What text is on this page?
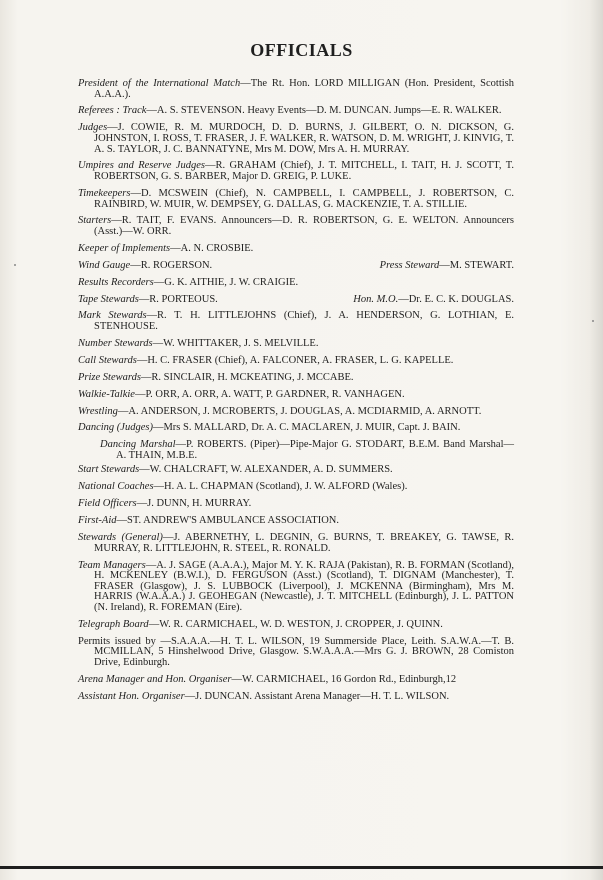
OFFICIALS
President of the International Match—The Rt. Hon. LORD MILLIGAN (Hon. President, Scottish A.A.A.).
Referees : Track—A. S. STEVENSON. Heavy Events—D. M. DUNCAN. Jumps—E. R. WALKER.
Judges—J. COWIE, R. M. MURDOCH, D. D. BURNS, J. GILBERT, O. N. DICKSON, G. JOHNSTON, I. ROSS, T. FRASER, J. F. WALKER, R. WATSON, D. M. WRIGHT, J. KINVIG, T. A. S. TAYLOR, J. C. BANNATYNE, Mrs M. DOW, Mrs A. H. MURRAY.
Umpires and Reserve Judges—R. GRAHAM (Chief), J. T. MITCHELL, I. TAIT, H. J. SCOTT, T. ROBERTSON, G. S. BARBER, Major D. GREIG, P. LUKE.
Timekeepers—D. MCSWEIN (Chief), N. CAMPBELL, I. CAMPBELL, J. ROBERTSON, C. RAINBIRD, W. MUIR, W. DEMPSEY, G. DALLAS, G. MACKENZIE, T. A. STILLIE.
Starters—R. TAIT, F. EVANS. Announcers—D. R. ROBERTSON, G. E. WELTON. Announcers (Asst.)—W. ORR.
Keeper of Implements—A. N. CROSBIE.
Wind Gauge—R. ROGERSON.	Press Steward—M. STEWART.
Results Recorders—G. K. AITHIE, J. W. CRAIGIE.
Tape Stewards—R. PORTEOUS.	Hon. M.O.—Dr. E. C. K. DOUGLAS.
Mark Stewards—R. T. H. LITTLEJOHNS (Chief), J. A. HENDERSON, G. LOTHIAN, E. STENHOUSE.
Number Stewards—W. WHITTAKER, J. S. MELVILLE.
Call Stewards—H. C. FRASER (Chief), A. FALCONER, A. FRASER, L. G. KAPELLE.
Prize Stewards—R. SINCLAIR, H. MCKEATING, J. MCCABE.
Walkie-Talkie—P. ORR, A. ORR, A. WATT, P. GARDNER, R. VANHAGEN.
Wrestling—A. ANDERSON, J. MCROBERTS, J. DOUGLAS, A. MCDIARMID, A. ARNOTT.
Dancing (Judges)—Mrs S. MALLARD, Dr. A. C. MACLAREN, J. MUIR, Capt. J. BAIN.
Dancing Marshal—P. ROBERTS. (Piper)—Pipe-Major G. STODART, B.E.M. Band Marshal—A. THAIN, M.B.E.
Start Stewards—W. CHALCRAFT, W. ALEXANDER, A. D. SUMMERS.
National Coaches—H. A. L. CHAPMAN (Scotland), J. W. ALFORD (Wales).
Field Officers—J. DUNN, H. MURRAY.
First-Aid—ST. ANDREW'S AMBULANCE ASSOCIATION.
Stewards (General)—J. ABERNETHY, L. DEGNIN, G. BURNS, T. BREAKEY, G. TAWSE, R. MURRAY, R. LITTLEJOHN, R. STEEL, R. RONALD.
Team Managers—A. J. SAGE (A.A.A.), Major M. Y. K. RAJA (Pakistan), R. B. FORMAN (Scotland), H. MCKENLEY (B.W.I.), D. FERGUSON (Asst.) (Scotland), T. DIGNAM (Manchester), T. FRASER (Glasgow), J. S. LUBBOCK (Liverpool), J. MCKENNA (Birmingham), Mrs M. HARRIS (W.A.A.A.) J. GEOHEGAN (Newcastle), J. T. MITCHELL (Edinburgh), J. L. PATTON (N. Ireland), R. FOREMAN (Eire).
Telegraph Board—W. R. CARMICHAEL, W. D. WESTON, J. CROPPER, J. QUINN.
Permits issued by —S.A.A.A.—H. T. L. WILSON, 19 Summerside Place, Leith. S.A.W.A.—T. B. MCMILLAN, 5 Hinshelwood Drive, Glasgow. S.W.A.A.A.—Mrs G. J. BROWN, 28 Comiston Drive, Edinburgh.
Arena Manager and Hon. Organiser—W. CARMICHAEL, 16 Gordon Rd., Edinburgh,12
Assistant Hon. Organiser—J. DUNCAN. Assistant Arena Manager—H. T. L. WILSON.
